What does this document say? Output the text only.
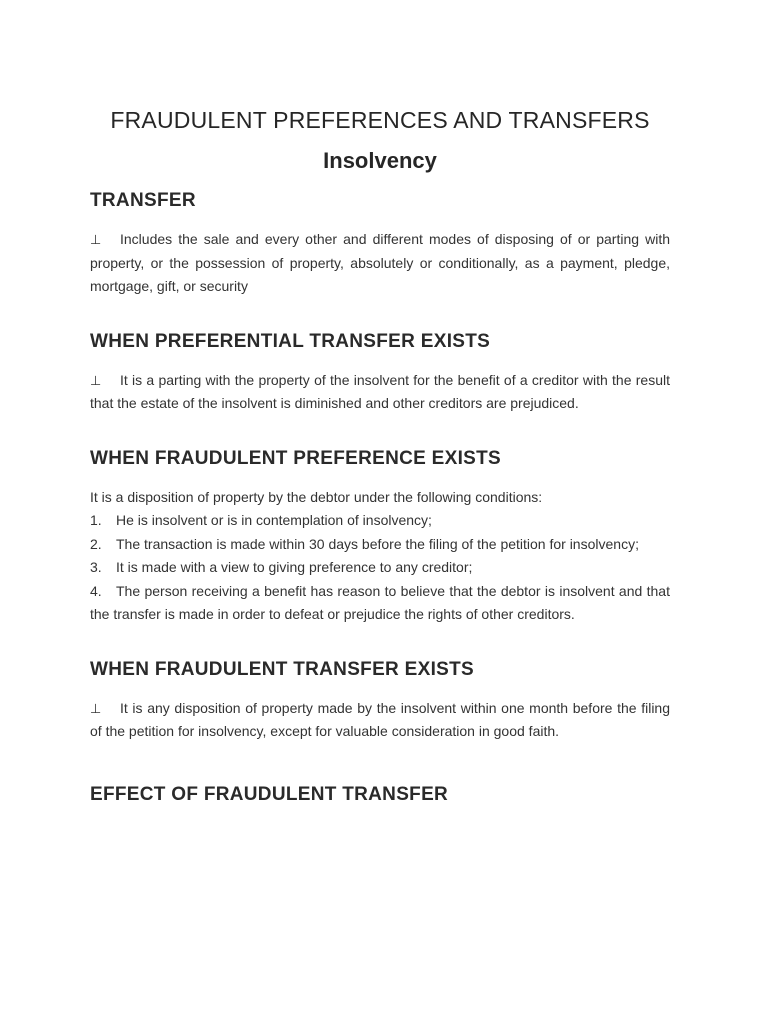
FRAUDULENT PREFERENCES AND TRANSFERS
Insolvency
TRANSFER

⊥ Includes the sale and every other and different modes of disposing of or parting with property, or the possession of property, absolutely or conditionally, as a payment, pledge, mortgage, gift, or security

WHEN PREFERENTIAL TRANSFER EXISTS

⊥ It is a parting with the property of the insolvent for the benefit of a creditor with the result that the estate of the insolvent is diminished and other creditors are prejudiced.

WHEN FRAUDULENT PREFERENCE EXISTS

It is a disposition of property by the debtor under the following conditions:

1. He is insolvent or is in contemplation of insolvency;

2. The transaction is made within 30 days before the filing of the petition for insolvency;

3. It is made with a view to giving preference to any creditor;

4. The person receiving a benefit has reason to believe that the debtor is insolvent and that the transfer is made in order to defeat or prejudice the rights of other creditors.

WHEN FRAUDULENT TRANSFER EXISTS

⊥ It is any disposition of property made by the insolvent within one month before the filing of the petition for insolvency, except for valuable consideration in good faith.

EFFECT OF FRAUDULENT TRANSFER
